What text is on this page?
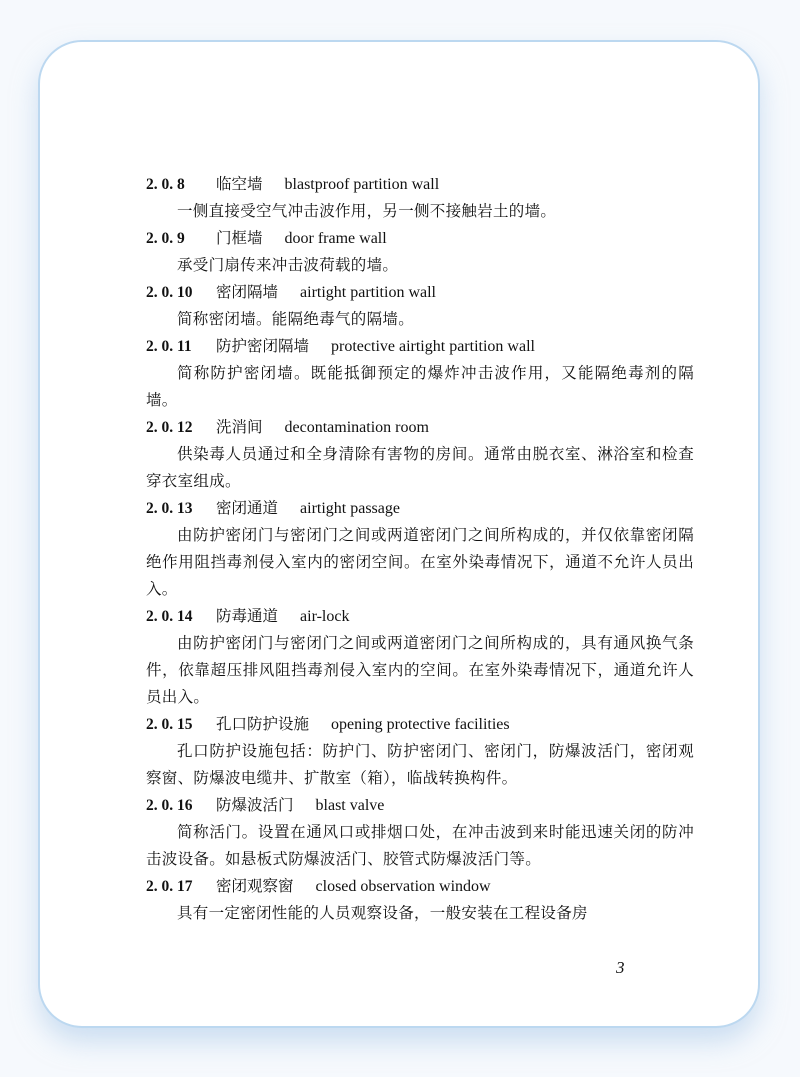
2. 0. 8 临空墙 blastproof partition wall
一侧直接受空气冲击波作用，另一侧不接触岩土的墙。
2. 0. 9 门框墙 door frame wall
承受门扇传来冲击波荷载的墙。
2. 0. 10 密闭隔墙 airtight partition wall
简称密闭墙。能隔绝毒气的隔墙。
2. 0. 11 防护密闭隔墙 protective airtight partition wall
简称防护密闭墙。既能抵御预定的爆炸冲击波作用，又能隔绝毒剂的隔墙。
2. 0. 12 洗消间 decontamination room
供染毒人员通过和全身清除有害物的房间。通常由脱衣室、淋浴室和检查穿衣室组成。
2. 0. 13 密闭通道 airtight passage
由防护密闭门与密闭门之间或两道密闭门之间所构成的，并仅依靠密闭隔绝作用阻挡毒剂侵入室内的密闭空间。在室外染毒情况下，通道不允许人员出入。
2. 0. 14 防毒通道 air-lock
由防护密闭门与密闭门之间或两道密闭门之间所构成的，具有通风换气条件，依靠超压排风阻挡毒剂侵入室内的空间。在室外染毒情况下，通道允许人员出入。
2. 0. 15 孔口防护设施 opening protective facilities
孔口防护设施包括：防护门、防护密闭门、密闭门，防爆波活门，密闭观察窗、防爆波电缆井、扩散室（箱），临战转换构件。
2. 0. 16 防爆波活门 blast valve
简称活门。设置在通风口或排烟口处，在冲击波到来时能迅速关闭的防冲击波设备。如悬板式防爆波活门、胶管式防爆波活门等。
2. 0. 17 密闭观察窗 closed observation window
具有一定密闭性能的人员观察设备，一般安装在工程设备房
3
